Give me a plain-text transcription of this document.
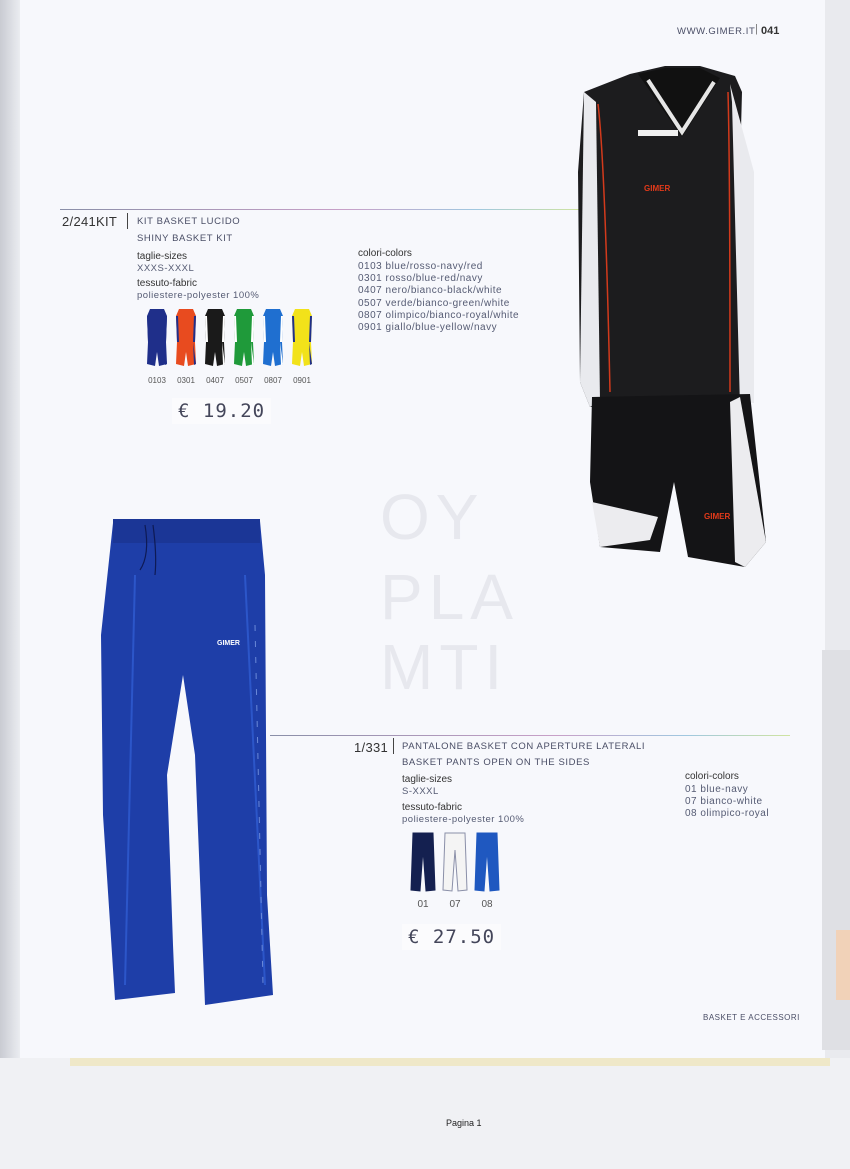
WWW.GIMER.IT | 041
2/241KIT KIT BASKET LUCIDO
SHINY BASKET KIT
taglie-sizes
XXXS-XXXL
tessuto-fabric
poliestere-polyester 100%
colori-colors
0103 blue/rosso-navy/red
0301 rosso/blue-red/navy
0407 nero/bianco-black/white
0507 verde/bianco-green/white
0807 olimpico/bianco-royal/white
0901 giallo/blue-yellow/navy
0103	0301	0407	0507	0807	0901
€ 19.20
GIMER
GIMER
OY
PLA
MTI
GIMER
1/331 PANTALONE BASKET CON APERTURE LATERALI
BASKET PANTS OPEN ON THE SIDES
taglie-sizes
S-XXXL
tessuto-fabric
poliestere-polyester 100%
colori-colors
01 blue-navy
07 bianco-white
08 olimpico-royal
01	07	08
€ 27.50
BASKET E ACCESSORI
Pagina 1
